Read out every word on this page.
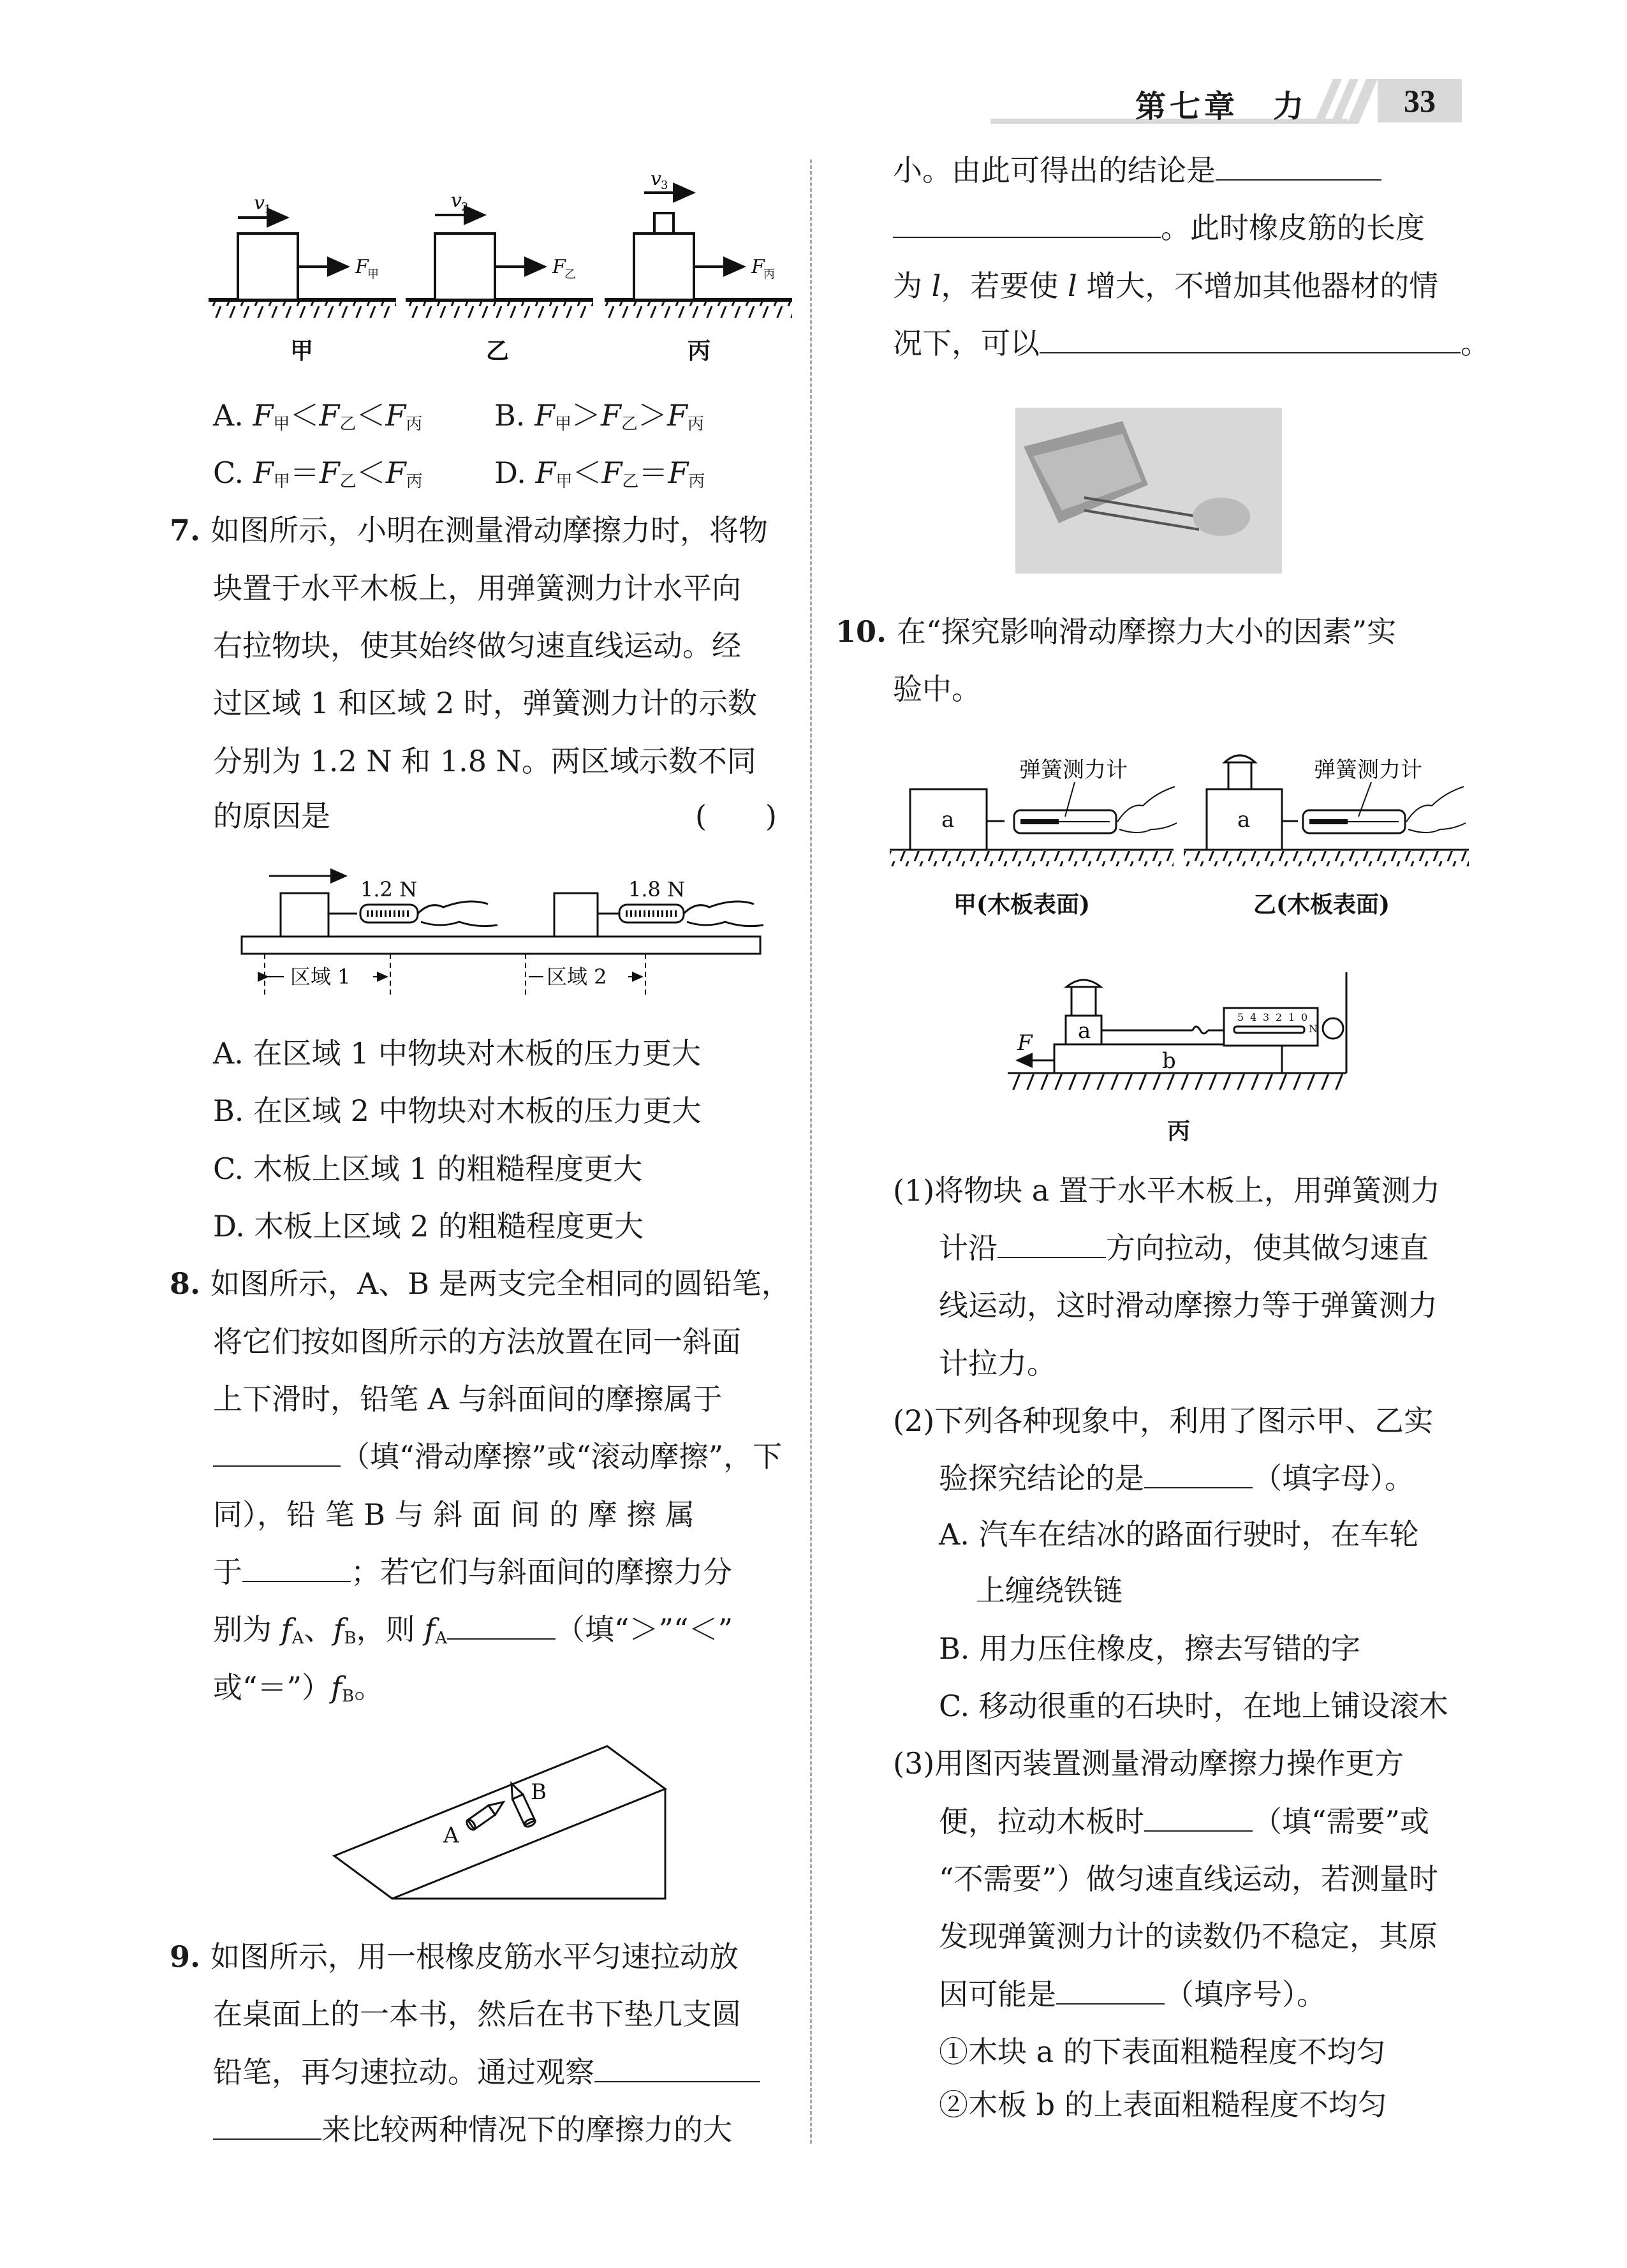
第七章　力	33
A. $F_甲<F_乙<F_丙$ B. $F_甲>F_乙>F_丙$
C. $F_甲=F_乙<F_丙$ D. $F_甲<F_乙=F_丙$
7. 如图所示，小明在测量滑动摩擦力时，将物
块置于水平木板上，用弹簧测力计水平向
右拉物块，使其始终做匀速直线运动。经
过区域 1 和区域 2 时，弹簧测力计的示数
分别为 1.2 N 和 1.8 N。两区域示数不同
的原因是	(　　)
A. 在区域 1 中物块对木板的压力更大
B. 在区域 2 中物块对木板的压力更大
C. 木板上区域 1 的粗糙程度更大
D. 木板上区域 2 的粗糙程度更大
8. 如图所示，A、B 是两支完全相同的圆铅笔，
将它们按如图所示的方法放置在同一斜面
上下滑时，铅笔 A 与斜面间的摩擦属于
（填“滑动摩擦”或“滚动摩擦”，下
同），铅 笔 B 与 斜 面 间 的 摩 擦 属
于	；若它们与斜面间的摩擦力分
别为 $f_A$、$f_B$，则 $f_A$	（填“＞”“＜”
或“$=”)f_B$。
9. 如图所示，用一根橡皮筋水平匀速拉动放
在桌面上的一本书，然后在书下垫几支圆
铅笔，再匀速拉动。通过观察
来比较两种情况下的摩擦力的大
小。由此可得出的结论是
。此时橡皮筋的长度
为 l，若要使 l 增大，不增加其他器材的情
况下，可以	。
10. 在“探究影响滑动摩擦力大小的因素”实
验中。
(1)将物块 a 置于水平木板上，用弹簧测力
计沿	方向拉动，使其做匀速直
线运动，这时滑动摩擦力等于弹簧测力
计拉力。
(2)下列各种现象中，利用了图示甲、乙实
验探究结论的是	（填字母）。
A. 汽车在结冰的路面行驶时，在车轮
上缠绕铁链
B. 用力压住橡皮，擦去写错的字
C. 移动很重的石块时，在地上铺设滚木
(3)用图丙装置测量滑动摩擦力操作更方
便，拉动木板时	（填“需要”或
“不需要”）做匀速直线运动，若测量时
发现弹簧测力计的读数仍不稳定，其原
因可能是	（填序号）。
①木块 a 的下表面粗糙程度不均匀
②木板 b 的上表面粗糙程度不均匀
v 1	v 2
v 3
F
甲	F
乙	F
丙
甲	乙	丙
1.2 N	1.8 N
区域 1	区域 2
A
B
弹簧测力计	弹簧测力计
a	a
a
b
F
甲(木板表面)	乙(木板表面)
丙
0
1
2
3
4
5
N
